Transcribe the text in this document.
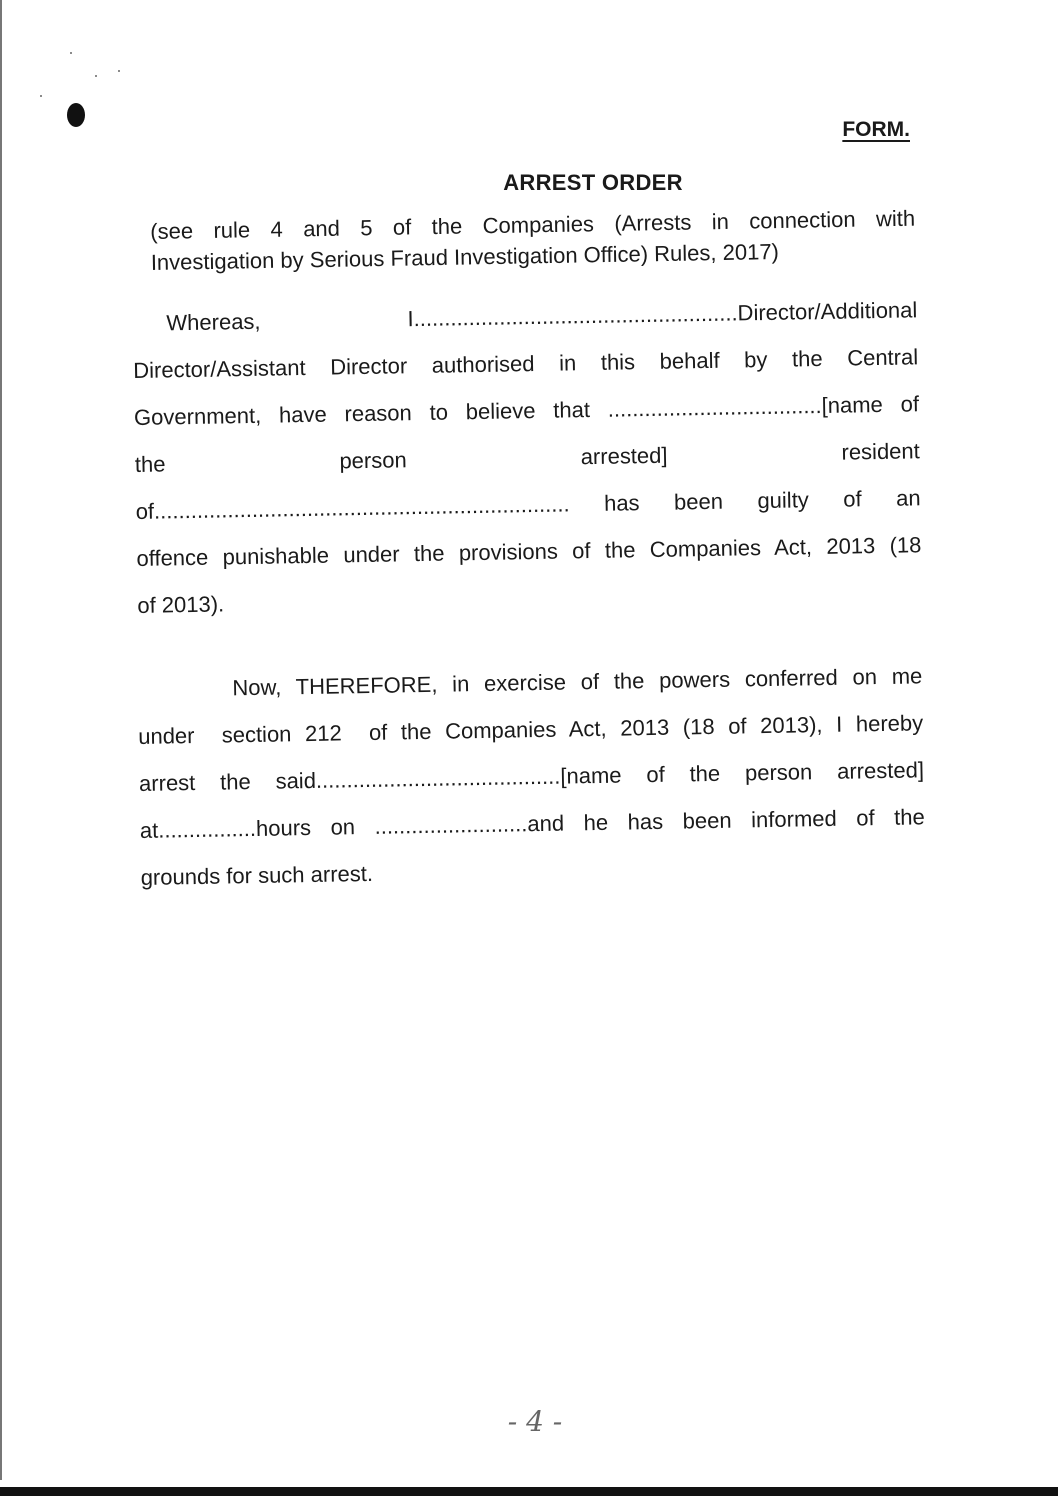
FORM.
ARREST ORDER
(see rule 4 and 5 of the Companies (Arrests in connection with
Investigation by Serious Fraud Investigation Office) Rules, 2017)
Whereas,          I.....................................................Director/Additional
Director/Assistant Director authorised in this behalf by the Central
Government, have reason to believe that ...................................[name of
the person arrested] resident
of.................................................................... has been guilty of an
offence punishable under the provisions of the Companies Act, 2013 (18
of 2013).
Now, THEREFORE, in exercise of the powers conferred on me
under  section 212  of the Companies Act, 2013 (18 of 2013), I hereby
arrest the said........................................[name of the person arrested]
at................hours on .........................and he has been informed of the
grounds for such arrest.
- 4 -
